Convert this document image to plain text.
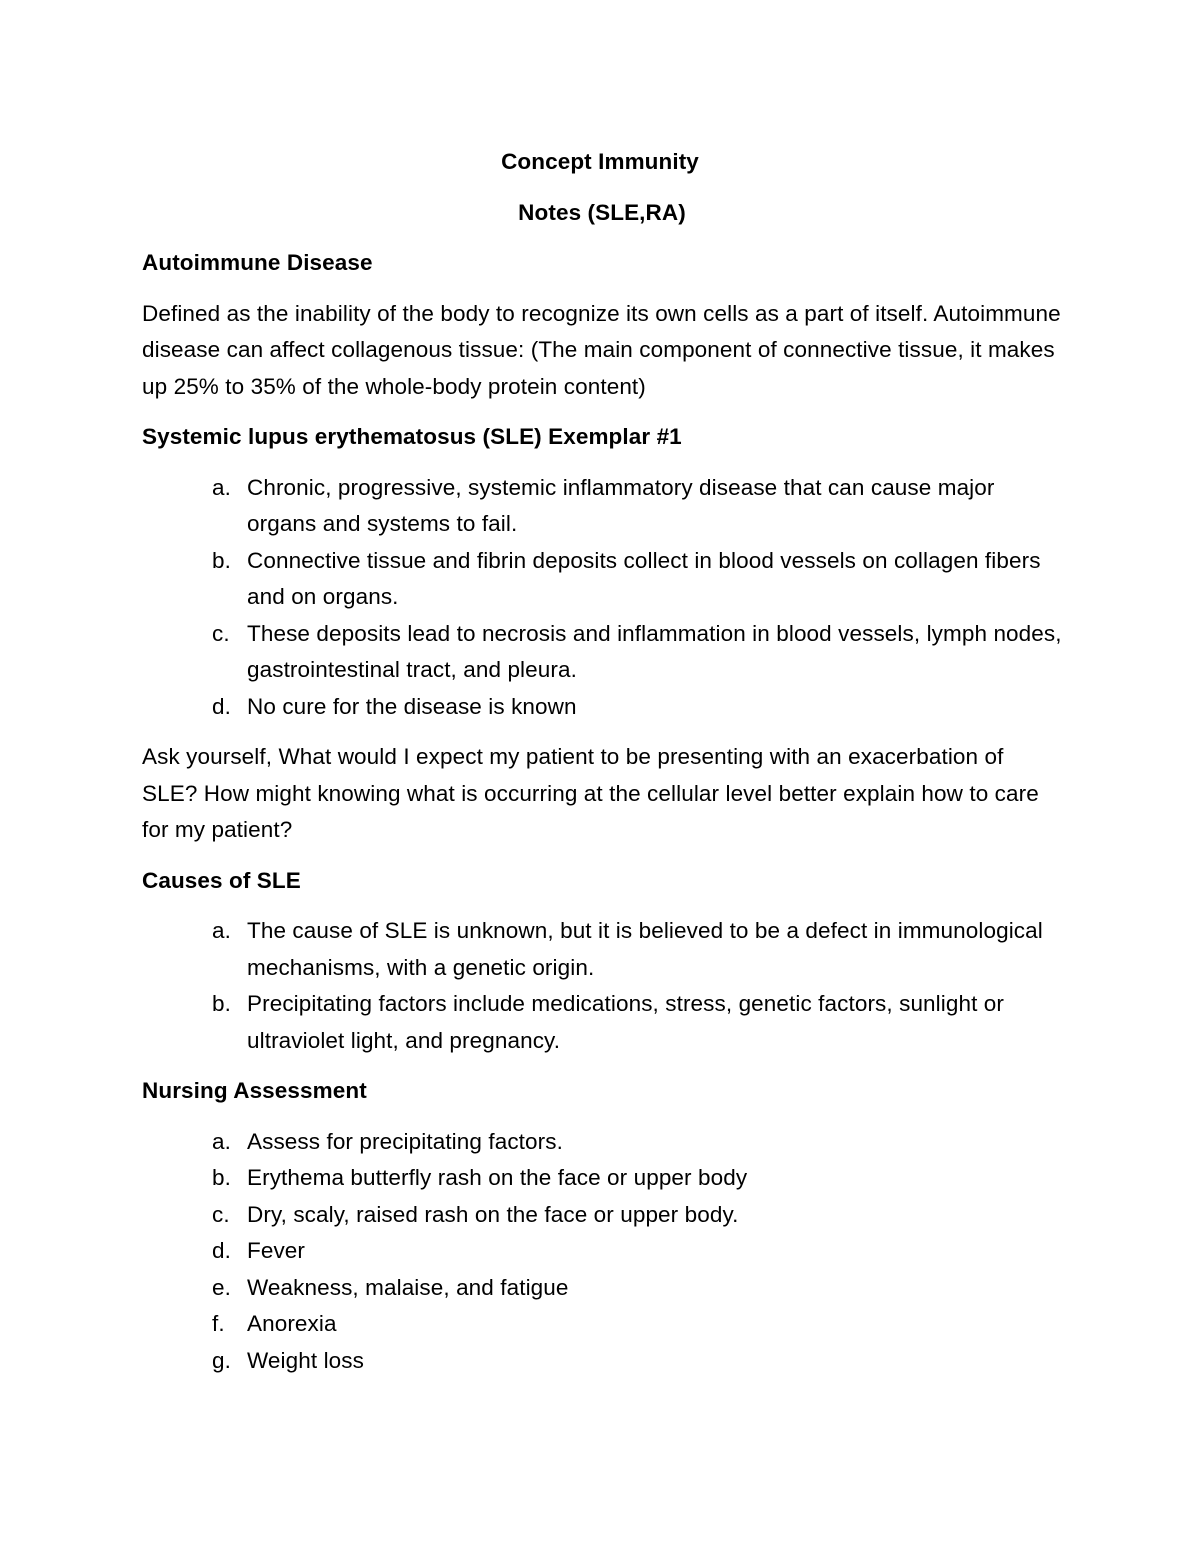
Concept Immunity
Notes (SLE,RA)
Autoimmune Disease

Defined as the inability of the body to recognize its own cells as a part of itself. Autoimmune disease can affect collagenous tissue: (The main component of connective tissue, it makes up 25% to 35% of the whole-body protein content)

Systemic lupus erythematosus (SLE) Exemplar #1
a. Chronic, progressive, systemic inflammatory disease that can cause major organs and systems to fail.
b. Connective tissue and fibrin deposits collect in blood vessels on collagen fibers and on organs.
c. These deposits lead to necrosis and inflammation in blood vessels, lymph nodes, gastrointestinal tract, and pleura.
d. No cure for the disease is known

Ask yourself, What would I expect my patient to be presenting with an exacerbation of SLE? How might knowing what is occurring at the cellular level better explain how to care for my patient?

Causes of SLE
a. The cause of SLE is unknown, but it is believed to be a defect in immunological mechanisms, with a genetic origin.
b. Precipitating factors include medications, stress, genetic factors, sunlight or ultraviolet light, and pregnancy.
Nursing Assessment
a. Assess for precipitating factors.
b. Erythema butterfly rash on the face or upper body
c. Dry, scaly, raised rash on the face or upper body.
d. Fever
e. Weakness, malaise, and fatigue
f. Anorexia
g. Weight loss
